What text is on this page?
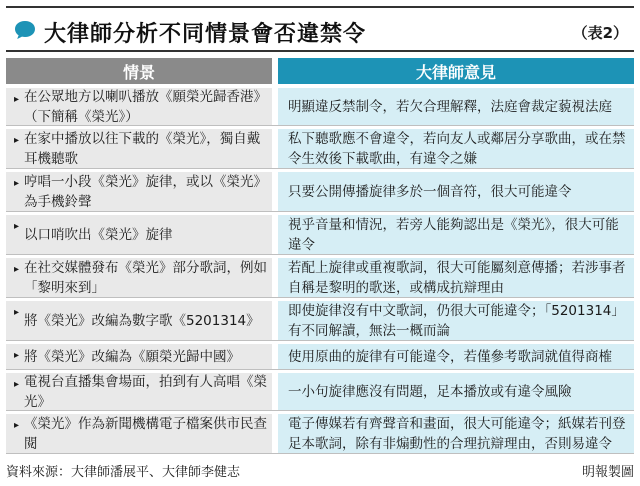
大律師分析不同情景會否違禁令	（表2）
情景	大律師意見
▸ 在公眾地方以喇叭播放《願榮光歸香港》（下簡稱《榮光》）
明顯違反禁制令，若欠合理解釋，法庭會裁定藐視法庭
▸ 在家中播放以往下載的《榮光》，獨自戴耳機聽歌
私下聽歌應不會違令，若向友人或鄰居分享歌曲，或在禁令生效後下載歌曲，有違令之嫌
▸ 哼唱一小段《榮光》旋律，或以《榮光》為手機鈴聲
只要公開傳播旋律多於一個音符，很大可能違令
▸ 以口哨吹出《榮光》旋律
視乎音量和情況，若旁人能夠認出是《榮光》，很大可能違令
▸ 在社交媒體發布《榮光》部分歌詞，例如「黎明來到」
若配上旋律或重複歌詞，很大可能屬刻意傳播；若涉事者自稱是黎明的歌迷，或構成抗辯理由
▸ 將《榮光》改編為數字歌《5201314》
即使旋律沒有中文歌詞，仍很大可能違令；「5201314」有不同解讀，無法一概而論
▸ 將《榮光》改編為《願榮光歸中國》	使用原曲的旋律有可能違令，若僅參考歌詞就值得商榷
▸ 電視台直播集會場面，拍到有人高唱《榮光》
一小句旋律應沒有問題，足本播放或有違令風險
▸ 《榮光》作為新聞機構電子檔案供市民查閱
電子傳媒若有齊聲音和畫面，很大可能違令；紙媒若刊登足本歌詞，除有非煽動性的合理抗辯理由，否則易違令
資料來源：大律師潘展平、大律師李健志	明報製圖
